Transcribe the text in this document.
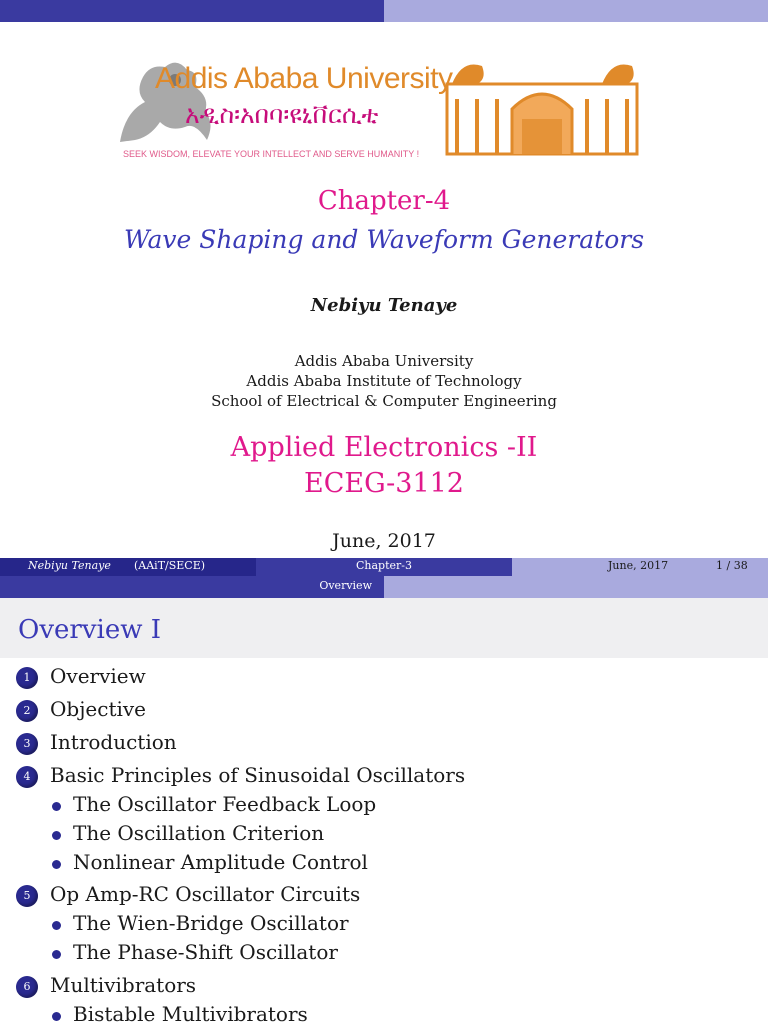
Addis Ababa University
አዲስ፡አበባ፡ዩኒቨርሲቲ
SEEK WISDOM, ELEVATE YOUR INTELLECT AND SERVE HUMANITY !
Chapter-4
Wave Shaping and Waveform Generators
Nebiyu Tenaye
Addis Ababa University
Addis Ababa Institute of Technology
School of Electrical & Computer Engineering
Applied Electronics -II
ECEG-3112
June, 2017
Nebiyu Tenaye (AAiT/SECE)	Chapter-3	June, 2017	1 / 38
Overview
Overview I
1 Overview
2 Objective
3 Introduction
4 Basic Principles of Sinusoidal Oscillators
The Oscillator Feedback Loop
The Oscillation Criterion
Nonlinear Amplitude Control
5 Op Amp-RC Oscillator Circuits
The Wien-Bridge Oscillator
The Phase-Shift Oscillator
6 Multivibrators
Bistable Multivibrators
